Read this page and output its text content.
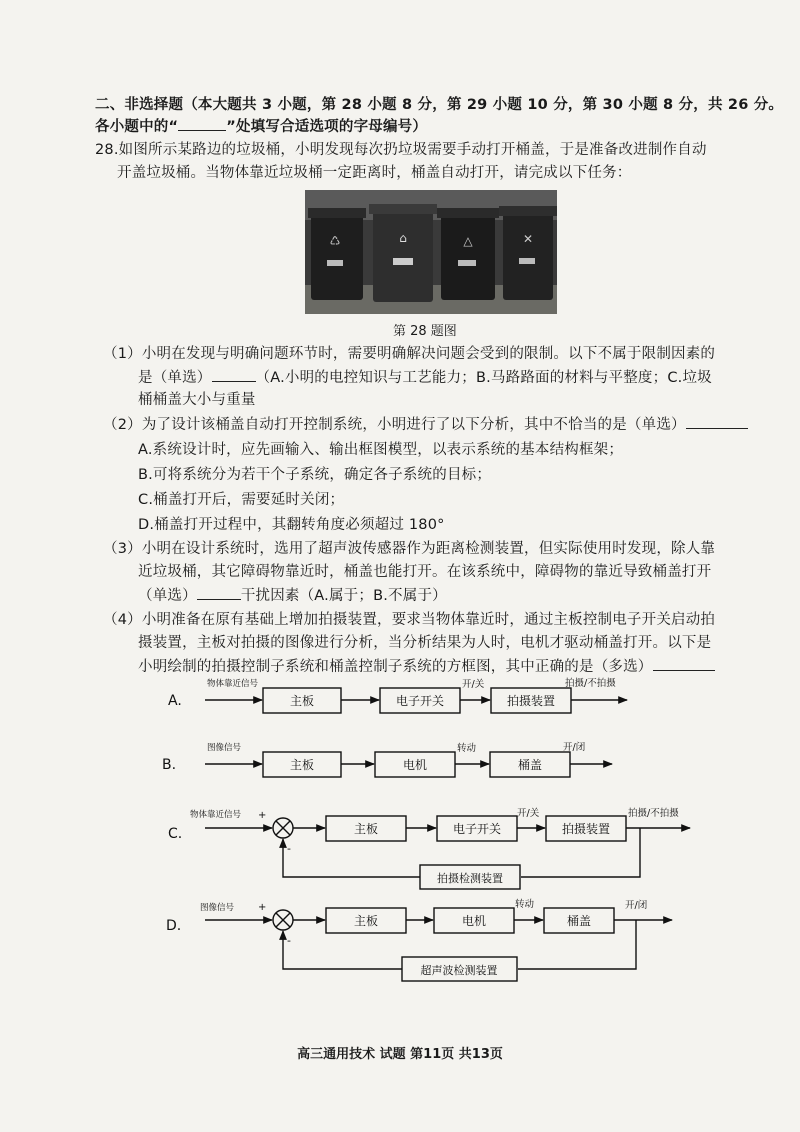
二、非选择题（本大题共 3 小题，第 28 小题 8 分，第 29 小题 10 分，第 30 小题 8 分，共 26 分。
各小题中的“	”处填写合适选项的字母编号）
28.如图所示某路边的垃圾桶，小明发现每次扔垃圾需要手动打开桶盖，于是准备改进制作自动
开盖垃圾桶。当物体靠近垃圾桶一定距离时，桶盖自动打开，请完成以下任务：
♺	⌂	△	✕
第 28 题图
（1）小明在发现与明确问题环节时，需要明确解决问题会受到的限制。以下不属于限制因素的
是（单选）	（A.小明的电控知识与工艺能力；B.马路路面的材料与平整度；C.垃圾
桶桶盖大小与重量
（2）为了设计该桶盖自动打开控制系统，小明进行了以下分析，其中不恰当的是（单选）
A.系统设计时，应先画输入、输出框图模型，以表示系统的基本结构框架；
B.可将系统分为若干个子系统，确定各子系统的目标；
C.桶盖打开后，需要延时关闭；
D.桶盖打开过程中，其翻转角度必须超过 180°
（3）小明在设计系统时，选用了超声波传感器作为距离检测装置，但实际使用时发现，除人靠
近垃圾桶，其它障碍物靠近时，桶盖也能打开。在该系统中，障碍物的靠近导致桶盖打开
（单选）	干扰因素（A.属于；B.不属于）
（4）小明准备在原有基础上增加拍摄装置，要求当物体靠近时，通过主板控制电子开关启动拍
摄装置，主板对拍摄的图像进行分析，当分析结果为人时，电机才驱动桶盖打开。以下是
小明绘制的拍摄控制子系统和桶盖控制子系统的方框图，其中正确的是（多选）
A.
物体靠近信号
主板	电子开关
开/关
拍摄装置
拍摄/不拍摄
B.
图像信号
主板	电机
转动
桶盖
开/闭
C.
物体靠近信号 +
-
主板	电子开关
开/关
拍摄装置
拍摄/不拍摄
拍摄检测装置
D.
图像信号 +
-
主板	电机
转动
桶盖
开/闭
超声波检测装置
高三通用技术 试题 第11页 共13页
